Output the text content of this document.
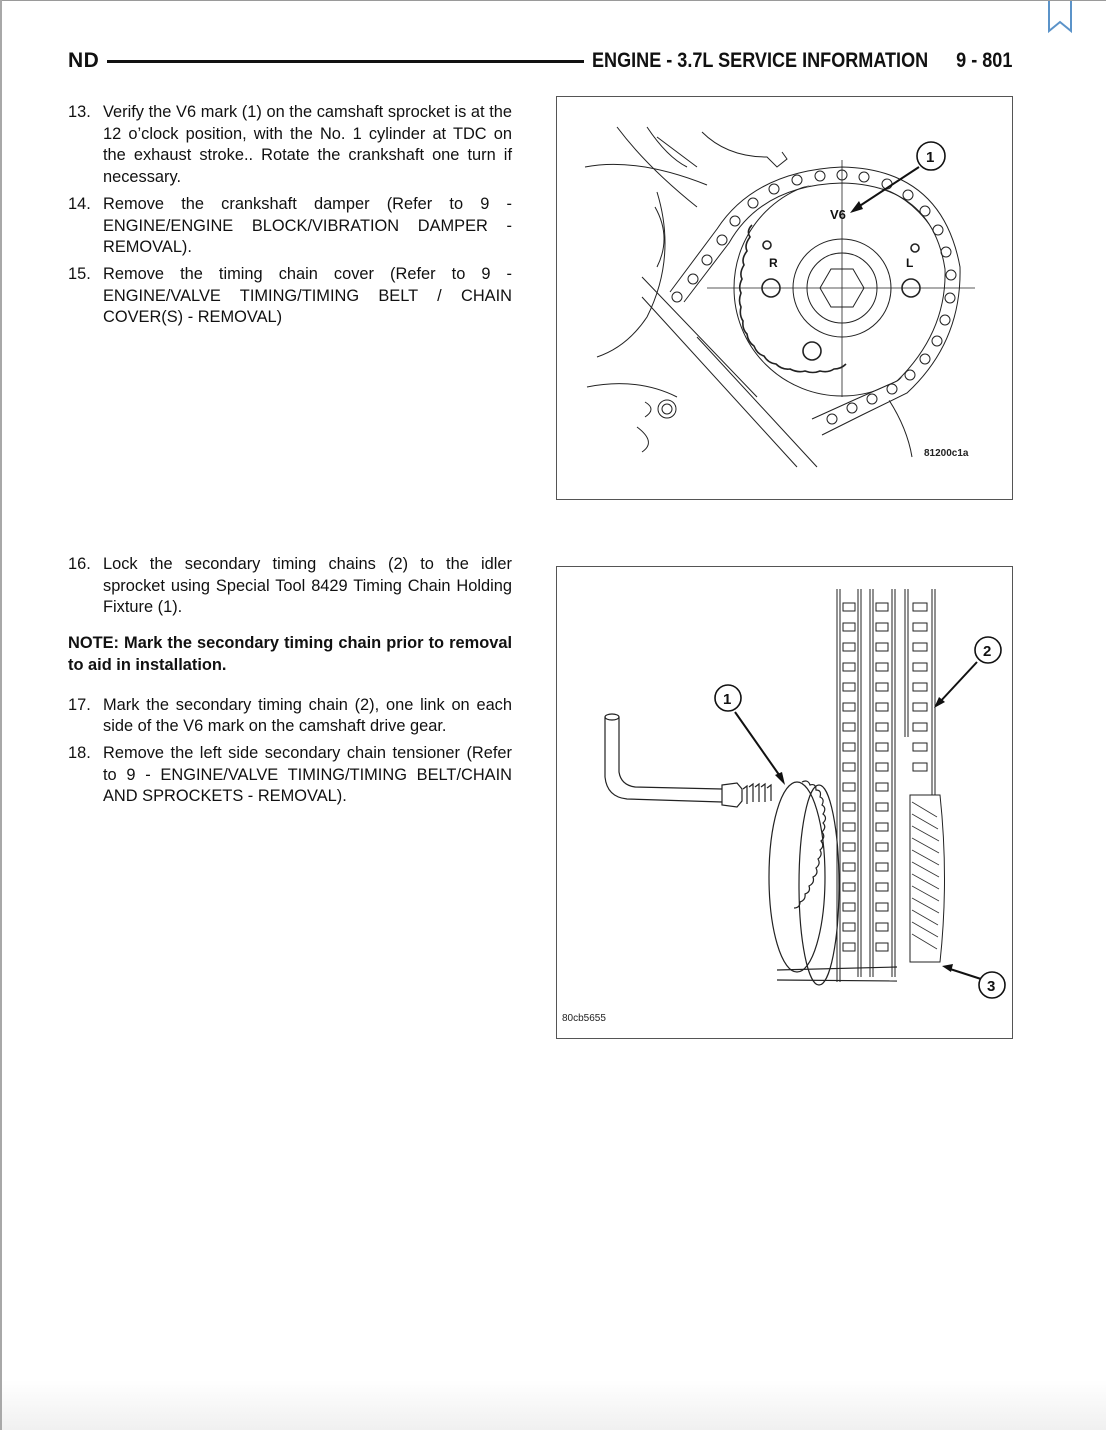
ND	ENGINE - 3.7L SERVICE INFORMATION 9 - 801
13. Verify the V6 mark (1) on the camshaft sprocket is at the 12 o’clock position, with the No. 1 cylinder at TDC on the exhaust stroke.. Rotate the crankshaft one turn if necessary.
14. Remove the crankshaft damper (Refer to 9 - ENGINE/ENGINE BLOCK/VIBRATION DAMPER - REMOVAL).
15. Remove the timing chain cover (Refer to 9 - ENGINE/VALVE TIMING/TIMING BELT / CHAIN COVER(S) - REMOVAL)
16. Lock the secondary timing chains (2) to the idler sprocket using Special Tool 8429 Timing Chain Holding Fixture (1).
NOTE: Mark the secondary timing chain prior to removal to aid in installation.
17. Mark the secondary timing chain (2), one link on each side of the V6 mark on the camshaft drive gear.
18. Remove the left side secondary chain tensioner (Refer to 9 - ENGINE/VALVE TIMING/TIMING BELT/CHAIN AND SPROCKETS - REMOVAL).
V6
R	L
1
81200c1a
1
2
3
80cb5655
